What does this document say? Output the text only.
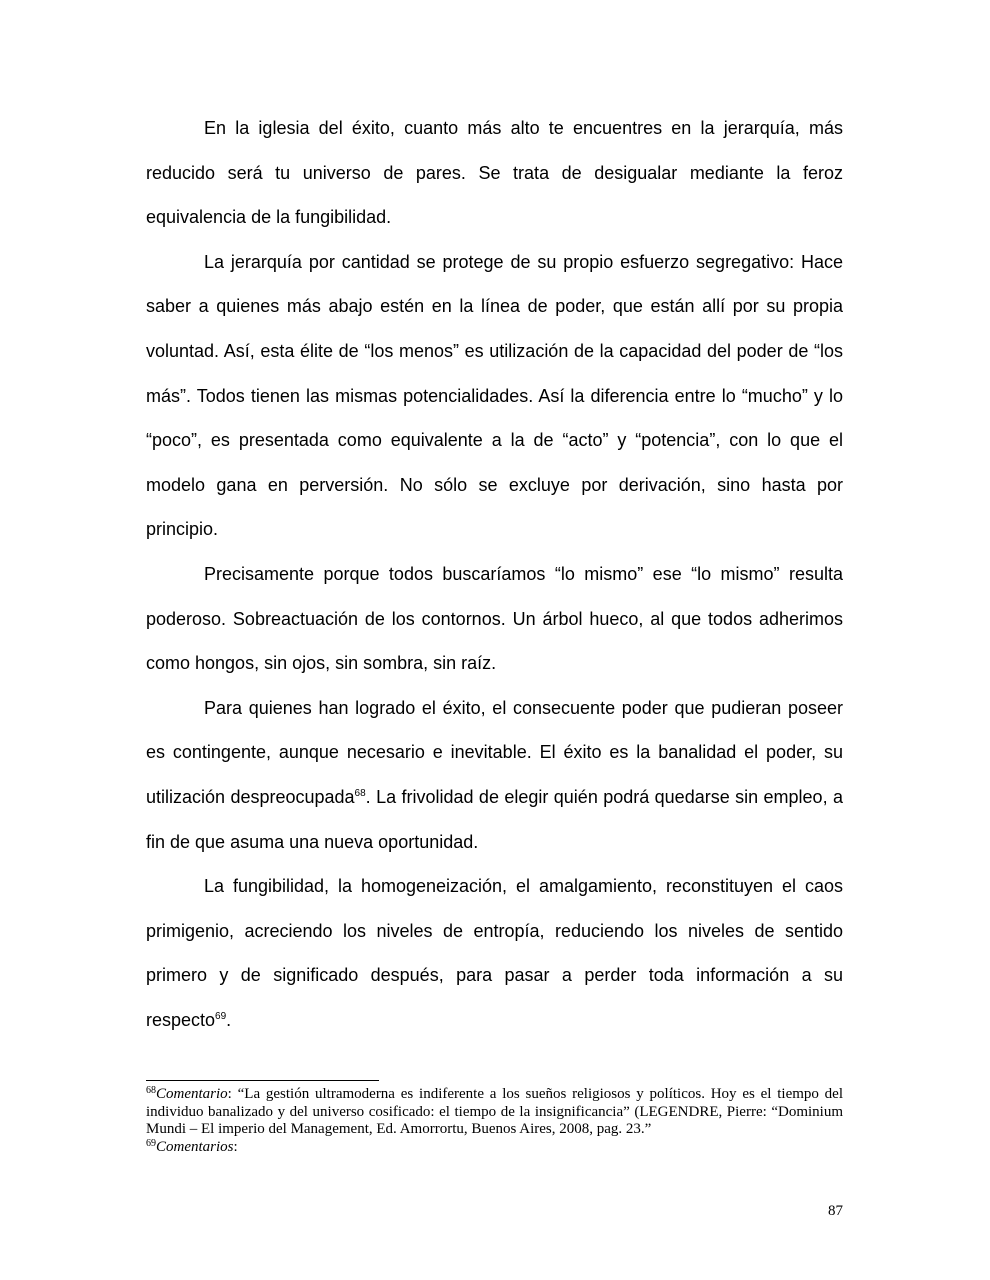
En la iglesia del éxito, cuanto más alto te encuentres en la jerarquía, más reducido será tu universo de pares. Se trata de desigualar mediante la feroz equivalencia de la fungibilidad.

La jerarquía por cantidad se protege de su propio esfuerzo segregativo: Hace saber a quienes más abajo estén en la línea de poder, que están allí por su propia voluntad. Así, esta élite de “los menos” es utilización de la capacidad del poder de “los más”. Todos tienen las mismas potencialidades. Así la diferencia entre lo “mucho” y lo “poco”, es presentada como equivalente a la de “acto” y “potencia”, con lo que el modelo gana en perversión. No sólo se excluye por derivación, sino hasta por principio.

Precisamente porque todos buscaríamos “lo mismo” ese “lo mismo” resulta poderoso. Sobreactuación de los contornos. Un árbol hueco, al que todos adherimos como hongos, sin ojos, sin sombra, sin raíz.

Para quienes han logrado el éxito, el consecuente poder que pudieran poseer es contingente, aunque necesario e inevitable. El éxito es la banalidad el poder, su utilización despreocupada$^{68}$. La frivolidad de elegir quién podrá quedarse sin empleo, a fin de que asuma una nueva oportunidad.

La fungibilidad, la homogeneización, el amalgamiento, reconstituyen el caos primigenio, acreciendo los niveles de entropía, reduciendo los niveles de sentido primero y de significado después, para pasar a perder toda información a su respecto$^{69}$.

$^{68}$Comentario: “La gestión ultramoderna es indiferente a los sueños religiosos y políticos. Hoy es el tiempo del individuo banalizado y del universo cosificado: el tiempo de la insignificancia” (LEGENDRE, Pierre: “Dominium Mundi – El imperio del Management, Ed. Amorrortu, Buenos Aires, 2008, pag. 23.”

$^{69}$Comentarios:

87
